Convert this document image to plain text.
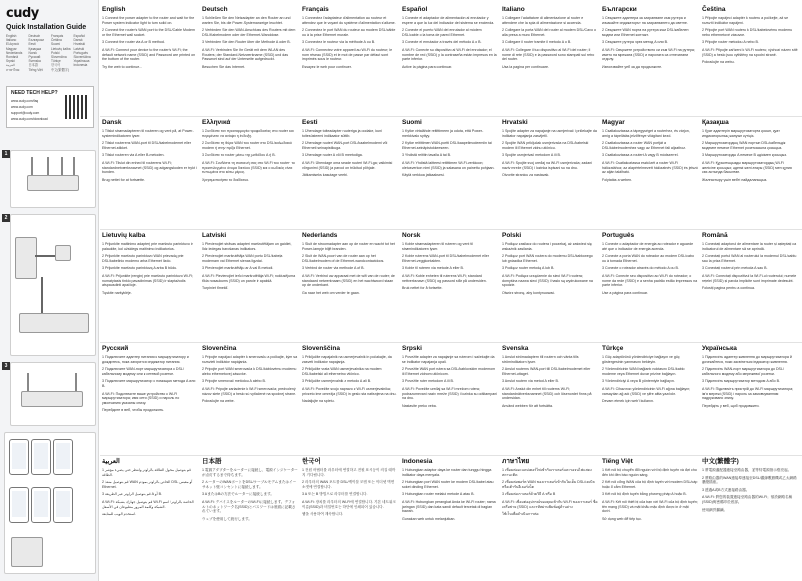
cudy
Quick Installation Guide
English	Deutsch	Français	Español
Italiano	Български	Čeština	Dansk
Ελληνικά	Eesti	Suomi	Hrvatski
Magyar	Қазақша	Lietuvių kalba Latviski
Nederlands	Norsk	Polski	Português
Română	Русский	Slovenčina	Slovenščina
Srpski	Svenska	Türkçe	Українська
العربية	日本語	한국어	Indonesia
ภาษาไทย	Tiếng Việt	中文(繁體字)
NEED TECH HELP?
www.cudy.com/faq
www.cudy.com
support@cudy.com
www.cudy.com/download
1
2
3
English

1 Connect the power adapter to the router and wait for the Power system indicator light to turn solid on.

2 Connect the router's WAN port to the DSL/Cable Modem or the Ethernet wall socket.

3 Connect the router via A or B method.

A Wi-Fi: Connect your device to the router's Wi-Fi; the default network name (SSID) and Password are printed on the bottom of the router.

Try the web to continue...

Deutsch

1 Schließen Sie den Netzadapter an den Router an und warten Sie, bis die Power-Systemanzeige leuchtet.

2 Verbinden Sie den WAN-Anschluss des Routers mit dem DSL/Kabelmodem oder der Ethernet-Wanddose.

3 Verbinden Sie den Router über die Methode A oder B.

A Wi-Fi: Verbinden Sie Ihr Gerät mit dem WLAN des Routers; der Standard-Netzwerkname (SSID) und das Passwort sind auf der Unterseite aufgedruckt.

Besuchen Sie das Internet.

Français

1 Connectez l'adaptateur d'alimentation au routeur et attendez que le voyant du système d'alimentation s'allume.

2 Connectez le port WAN du routeur au modem DSL/câble ou à la prise Ethernet murale.

3 Connectez le routeur via la méthode A ou B.

A Wi-Fi: Connectez votre appareil au Wi-Fi du routeur; le nom réseau (SSID) et le mot de passe par défaut sont imprimés sous le routeur.

Essayez le web pour continuer.

Español

1 Conecte el adaptador de alimentación al enrutador y espere a que la luz del indicador del sistema se encienda.

2 Conecte el puerto WAN del enrutador al módem DSL/cable o la toma de pared Ethernet.

3 Conecte el enrutador a través del método A o B.

A Wi-Fi: Conecte su dispositivo al Wi-Fi del enrutador; el nombre de red (SSID) y la contraseña están impresos en la parte inferior.

Active la página para continuar.

Italiano

1 Collegare l'adattatore di alimentazione al router e attendere che la spia di alimentazione si accenda.

2 Collegare la porta WAN del router al modem DSL/Cavo o alla presa a muro Ethernet.

3 Collegare il router tramite il metodo A o B.

A Wi-Fi: Collegare il tuo dispositivo al Wi-Fi del router; il nome di rete (SSID) e la password sono stampati sul retro del router.

Usa la pagina per continuare.

Български

1 Свържете адаптера за захранване към рутера и изчакайте индикаторът на захранването да светне.

2 Свържете WAN порта на рутера към DSL/кабелен модем или Ethernet контакт.

3 Свържете рутера чрез метод A или B.

A Wi-Fi: Свържете устройството си към Wi-Fi на рутера; името на мрежата (SSID) и паролата са отпечатани отдолу.

Използвайте уеб за да продължите.

Čeština

1 Připojte napájecí adaptér k routeru a počkejte, až se rozsvítí indikátor napájení.

2 Připojte port WAN routeru k DSL/kabelovému modemu nebo ethernetové zásuvce.

3 Připojte router metodou A nebo B.

A Wi-Fi: Připojte zařízení k Wi-Fi routeru; výchozí název sítě (SSID) a heslo jsou vytištěny na spodní straně.

Pokračujte na webu.

Dansk

1 Tilslut strømadapteren til routeren og vent på, at Power-systemindikatoren lyser.

2 Tilslut routerens WAN-port til DSL/kabelmodemet eller Ethernet-stikket.

3 Tilslut routeren via A eller B-metoden.

A Wi-Fi: Tilslut din enhed til routerens Wi-Fi; standardnetværksnavnet (SSID) og adgangskoden er trykt i bunden.

Brug nettet for at fortsætte.

Ελληνικά

1 Συνδέστε τον προσαρμογέα τροφοδοσίας στο router και περιμένετε να ανάψει η ένδειξη.

2 Συνδέστε τη θύρα WAN του router στο DSL/καλωδιακό modem ή στην πρίζα Ethernet.

3 Συνδέστε το router μέσω της μεθόδου A ή B.

A Wi-Fi: Συνδέστε τη συσκευή σας στο Wi-Fi του router· το προεπιλεγμένο όνομα δικτύου (SSID) και ο κωδικός είναι τυπωμένα στο κάτω μέρος.

Χρησιμοποιήστε το διαδίκτυο.

Eesti

1 Ühendage toiteadapter ruuteriga ja oodake, kuni toitesüsteemi indikaator süttib.

2 Ühendage ruuteri WAN-port DSL/kaabelmodemi või Etherneti seinapistikuga.

3 Ühendage ruuter A või B meetodiga.

A Wi-Fi: Ühendage oma seade ruuteri Wi-Fi-ga; vaikimisi võrgunimi (SSID) ja parool on trükitud põhjale.

Jätkamiseks kasutage veebi.

Suomi

1 Kytke virtalähde reitittimeen ja odota, että Power-merkkivalo syttyy.

2 Kytke reitittimen WAN-portti DSL/kaapelimodeemiin tai Ethernet-seinäpistokkeeseen.

3 Yhdistä reititin tavalla A tai B.

A Wi-Fi: Yhdistä laitteesi reitittimen Wi-Fi-verkkoon; oletusverkon nimi (SSID) ja salasana on painettu pohjaan.

Käytä verkkoa jatkaaksesi.

Hrvatski

1 Spojite adapter za napajanje na usmjerivač i pričekajte da indikator napajanja zasvijetli.

2 Spojite WAN priključak usmjerivača na DSL/kabelski modem ili Ethernet zidnu utičnicu.

3 Spojite usmjerivač metodom A ili B.

A Wi-Fi: Spojite svoj uređaj na Wi-Fi usmjerivača; zadani naziv mreže (SSID) i lozinka ispisani su na dnu.

Otvorite stranicu za nastavak.

Magyar

1 Csatlakoztassa a tápegységet a routerhez, és várjon, amíg a tápellátás jelzőfénye világítani kezd.

2 Csatlakoztassa a router WAN portját a DSL/kábelmodemhez vagy az Ethernet fali aljzathoz.

3 Csatlakoztassa a routert A vagy B módszerrel.

A Wi-Fi: Csatlakoztassa eszközét a router Wi-Fi hálózatához; az alapértelmezett hálózatnév (SSID) és jelszó az alján található.

Folytatás a weben.

Қазақша

1 Қуат адаптерін маршрутизаторға қосып, қуат индикаторының жануын күтіңіз.

2 Маршрутизатордың WAN портын DSL/кабельдік модемге немесе Ethernet розеткасына қосыңыз.

3 Маршрутизаторды A немесе B әдісімен қосыңыз.

A Wi-Fi: Құрылғыңызды маршрутизатордың Wi-Fi желісіне қосыңыз; әдепкі желі атауы (SSID) мен құпия сөз астында басылған.

Жалғастыру үшін вебті пайдаланыңыз.

Lietuvių kalba

1 Prijunkite maitinimo adapterį prie maršruto parinktuvo ir palaukite, kol užsidegs maitinimo indikatorius.

2 Prijunkite maršruto parinktuvo WAN prievadą prie DSL/kabelinio modemo arba Ethernet lizdo.

3 Prijunkite maršruto parinktuvą A arba B būdu.

A Wi-Fi: Prijunkite įrenginį prie maršruto parinktuvo Wi-Fi; numatytasis tinklo pavadinimas (SSID) ir slaptažodis atspausdinti apačioje.

Tęskite naršyklėje.

Latviski

1 Pievienojiet strāvas adapteri maršrutētājam un gaidiet, līdz iedegas barošanas indikators.

2 Pievienojiet maršrutētāja WAN portu DSL/kabeļa modemam vai Ethernet sienas ligzdai.

3 Pievienojiet maršrutētāju ar A vai B metodi.

A Wi-Fi: Pievienojiet ierīci maršrutētāja Wi-Fi; noklusējuma tīkla nosaukums (SSID) un parole ir apakšā.

Turpiniet tīmeklī.

Nederlands

1 Sluit de stroomadapter aan op de router en wacht tot het Power-lampje blijft branden.

2 Sluit de WAN-poort van de router aan op het DSL/kabelmodem of de Ethernet-wandcontactdoos.

3 Verbind de router via methode A of B.

A Wi-Fi: Verbind uw apparaat met de wifi van de router; de standaard netwerknaam (SSID) en het wachtwoord staan op de onderkant.

Ga naar het web om verder te gaan.

Norsk

1 Koble strømadapteren til ruteren og vent til strømindikatoren lyser.

2 Koble ruterens WAN-port til DSL/kabelmodemet eller Ethernet-veggkontakten.

3 Koble til ruteren via metode A eller B.

A Wi-Fi: Koble enheten til ruterens Wi-Fi; standard nettverksnavn (SSID) og passord står på undersiden.

Bruk nettet for å fortsette.

Polski

1 Podłącz zasilacz do routera i poczekaj, aż zaświeci się wskaźnik zasilania.

2 Podłącz port WAN routera do modemu DSL/kablowego lub gniazdka Ethernet.

3 Podłącz router metodą A lub B.

A Wi-Fi: Podłącz urządzenie do sieci Wi-Fi routera; domyślna nazwa sieci (SSID) i hasło są wydrukowane na spodzie.

Otwórz stronę, aby kontynuować.

Português

1 Conecte o adaptador de energia ao roteador e aguarde até que o indicador de energia acenda.

2 Conecte a porta WAN do roteador ao modem DSL/cabo ou à tomada Ethernet.

3 Conecte o roteador através do método A ou B.

A Wi-Fi: Conecte seu dispositivo ao Wi-Fi do roteador; o nome da rede (SSID) e a senha padrão estão impressos na parte inferior.

Use a página para continuar.

Română

1 Conectați adaptorul de alimentare la router și așteptați ca indicatorul de alimentare să se aprindă.

2 Conectați portul WAN al routerului la modemul DSL/cablu sau la priza Ethernet.

3 Conectați routerul prin metoda A sau B.

A Wi-Fi: Conectați dispozitivul la Wi-Fi-ul routerului; numele rețelei (SSID) și parola implicite sunt imprimate dedesubt.

Folosiți pagina pentru a continua.

Русский

1 Подключите адаптер питания к маршрутизатору и дождитесь, пока загорится индикатор питания.

2 Подключите WAN-порт маршрутизатора к DSL/кабельному модему или к сетевой розетке.

3 Подключите маршрутизатор с помощью метода A или B.

A Wi-Fi: Подключите ваше устройство к Wi-Fi маршрутизатора; имя сети (SSID) и пароль по умолчанию указаны снизу.

Перейдите в веб, чтобы продолжить.

Slovenčina

1 Pripojte napájací adaptér k smerovaču a počkajte, kým sa rozsvieti indikátor napájania.

2 Pripojte port WAN smerovača k DSL/káblovému modemu alebo ethernetovej zásuvke.

3 Pripojte smerovač metódou A alebo B.

A Wi-Fi: Pripojte zariadenie k Wi-Fi smerovača; predvolený názov siete (SSID) a heslo sú vytlačené na spodnej strane.

Pokračujte na webe.

Slovenščina

1 Priključite napajalnik na usmerjevalnik in počakajte, da zasveti indikator napajanja.

2 Priključite vrata WAN usmerjevalnika na modem DSL/kabelski ali ethernetno vtičnico.

3 Priključite usmerjevalnik z metodo A ali B.

A Wi-Fi: Povežite svojo napravo z Wi-Fi usmerjevalnika; privzeto ime omrežja (SSID) in geslo sta natisnjena na dnu.

Nadaljujte na spletu.

Srpski

1 Povežite adapter za napajanje sa ruterom i sačekajte da se indikator napajanja upali.

2 Povežite WAN port rutera sa DSL/kablovskim modemom ili Ethernet zidnom utičnicom.

3 Povežite ruter metodom A ili B.

A Wi-Fi: Povežite uređaj sa Wi-Fi mrežom rutera; podrazumevani naziv mreže (SSID) i lozinka su odštampani na dnu.

Nastavite preko veba.

Svenska

1 Anslut strömadaptern till routern och vänta tills strömindikatorn lyser.

2 Anslut routerns WAN-port till DSL/kabelmodemet eller Ethernet-uttaget.

3 Anslut routern via metod A eller B.

A Wi-Fi: Anslut din enhet till routerns Wi-Fi; standardnätverksnamnet (SSID) och lösenordet finns på undersidan.

Använd webben för att fortsätta.

Türkçe

1 Güç adaptörünü yönlendiriciye bağlayın ve güç göstergesinin yanmasını bekleyin.

2 Yönlendiricinin WAN bağlantı noktasını DSL/kablo modeme veya Ethernet duvar prizine bağlayın.

3 Yönlendiriciyi A veya B yöntemiyle bağlayın.

A Wi-Fi: Cihazınızı yönlendiricinin Wi-Fi ağına bağlayın; varsayılan ağ adı (SSID) ve şifre altta yazılıdır.

Devam etmek için web'i kullanın.

Українська

1 Підключіть адаптер живлення до маршрутизатора й дочекайтеся, поки засвітиться індикатор живлення.

2 Підключіть WAN-порт маршрутизатора до DSL/кабельного модему або мережевої розетки.

3 Підключіть маршрутизатор методом A або B.

A Wi-Fi: Підключіть пристрій до Wi-Fi маршрутизатора; ім'я мережі (SSID) і пароль за замовчуванням надруковано знизу.

Перейдіть у веб, щоб продовжити.

العربية

1 قم بتوصيل محول الطاقة بالراوتر وانتظر حتى يضيء مؤشر الطاقة.

2 قم بتوصيل منفذ WAN الخاص بالراوتر بمودم DSL أو مقبس Ethernet.

3 قم بتوصيل الراوتر عبر الطريقة A أو B.

A Wi-Fi: قم بتوصيل جهازك بشبكة Wi-Fi الخاصة بالراوتر؛ اسم الشبكة وكلمة المرور مطبوعان في الأسفل.

استخدم الويب للمتابعة.

日本語

1 電源アダプターをルーターに接続し、電源インジケーターが点灯するまで待ちます。

2 ルーターのWANポートをDSL/ケーブルモデムまたはイーサネット壁コンセントに接続します。

3 AまたはBの方法でルーターに接続します。

A Wi-Fi: デバイスをルーターのWi-Fiに接続します。デフォルトのネットワーク名(SSID)とパスワードは底面に記載されています。

ウェブを使用して続行します。

한국어

1 전원 어댑터를 라우터에 연결하고 전원 표시등이 켜질 때까지 기다립니다.

2 라우터의 WAN 포트를 DSL/케이블 모뎀 또는 이더넷 벽면 소켓에 연결합니다.

3 A 또는 B 방법으로 라우터를 연결합니다.

A Wi-Fi: 장치를 라우터의 Wi-Fi에 연결합니다. 기본 네트워크 이름(SSID)과 비밀번호는 하단에 인쇄되어 있습니다.

웹을 사용하여 계속합니다.

Indonesia

1 Hubungkan adaptor daya ke router dan tunggu hingga indikator daya menyala.

2 Hubungkan port WAN router ke modem DSL/kabel atau soket dinding Ethernet.

3 Hubungkan router melalui metode A atau B.

A Wi-Fi: Hubungkan perangkat Anda ke Wi-Fi router; nama jaringan (SSID) dan kata sandi default tercetak di bagian bawah.

Gunakan web untuk melanjutkan.

ภาษาไทย

1 เชื่อมต่ออะแดปเตอร์ไฟเข้ากับเราเตอร์และรอจนไฟแสดงสถานะติด

2 เชื่อมต่อพอร์ต WAN ของเราเตอร์เข้ากับโมเด็ม DSL/เคเบิล หรือเต้ารับอีเธอร์เน็ต

3 เชื่อมต่อเราเตอร์ด้วยวิธี A หรือ B

A Wi-Fi: เชื่อมต่ออุปกรณ์ของคุณเข้ากับ Wi-Fi ของเราเตอร์ ชื่อเครือข่าย (SSID) และรหัสผ่านพิมพ์อยู่ด้านล่าง

ใช้เว็บเพื่อดำเนินการต่อ

Tiếng Việt

1 Kết nối bộ chuyển đổi nguồn với bộ định tuyến và đợi cho đến khi đèn báo nguồn sáng.

2 Kết nối cổng WAN của bộ định tuyến với modem DSL/cáp hoặc ổ cắm Ethernet.

3 Kết nối bộ định tuyến bằng phương pháp A hoặc B.

A Wi-Fi: Kết nối thiết bị của bạn với Wi-Fi của bộ định tuyến; tên mạng (SSID) và mật khẩu mặc định được in ở mặt dưới.

Sử dụng web để tiếp tục.

中文(繁體字)

1 將電源適配器連接至路由器，並等待電源指示燈亮起。

2 將路由器的WAN連接埠連接至DSL/纜線數據機或乙太網路牆壁插座。

3 透過A或B方式連接路由器。

A Wi-Fi: 將您的裝置連接至路由器的Wi-Fi；預設網路名稱(SSID)與密碼印於底部。

使用網頁繼續。
